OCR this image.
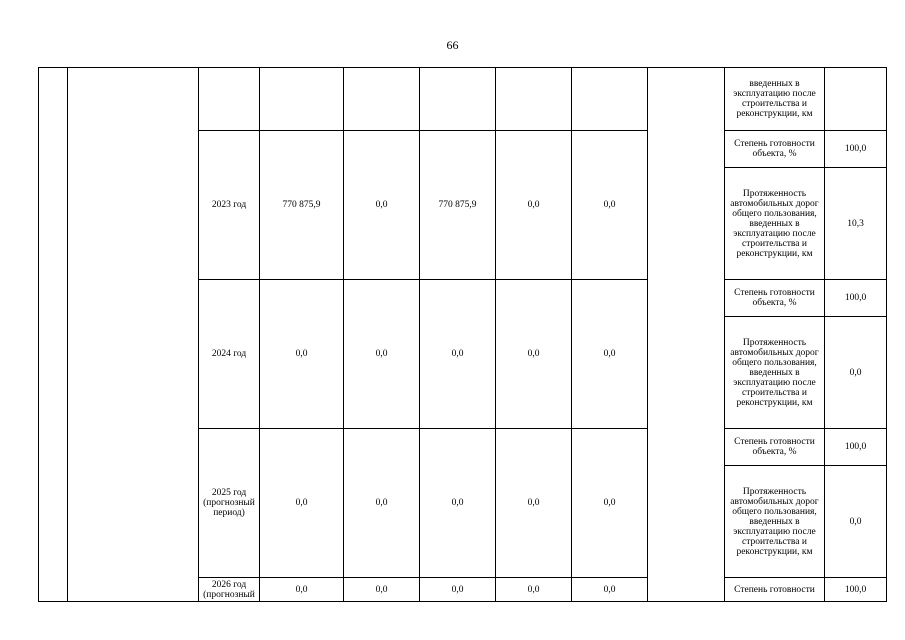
66
									введенных в эксплуатацию после строительства и реконструкции, км	
		2023 год	770 875,9	0,0	770 875,9	0,0	0,0		Степень готовности объекта, %	100,0
									Протяженность автомобильных дорог общего пользования, введенных в эксплуатацию после строительства и реконструкции, км	10,3
		2024 год	0,0	0,0	0,0	0,0	0,0		Степень готовности объекта, %	100,0
									Протяженность автомобильных дорог общего пользования, введенных в эксплуатацию после строительства и реконструкции, км	0,0
		2025 год (прогнозный период)	0,0	0,0	0,0	0,0	0,0		Степень готовности объекта, %	100,0
									Протяженность автомобильных дорог общего пользования, введенных в эксплуатацию после строительства и реконструкции, км	0,0
		2026 год (прогнозный	0,0	0,0	0,0	0,0	0,0		Степень готовности	100,0
